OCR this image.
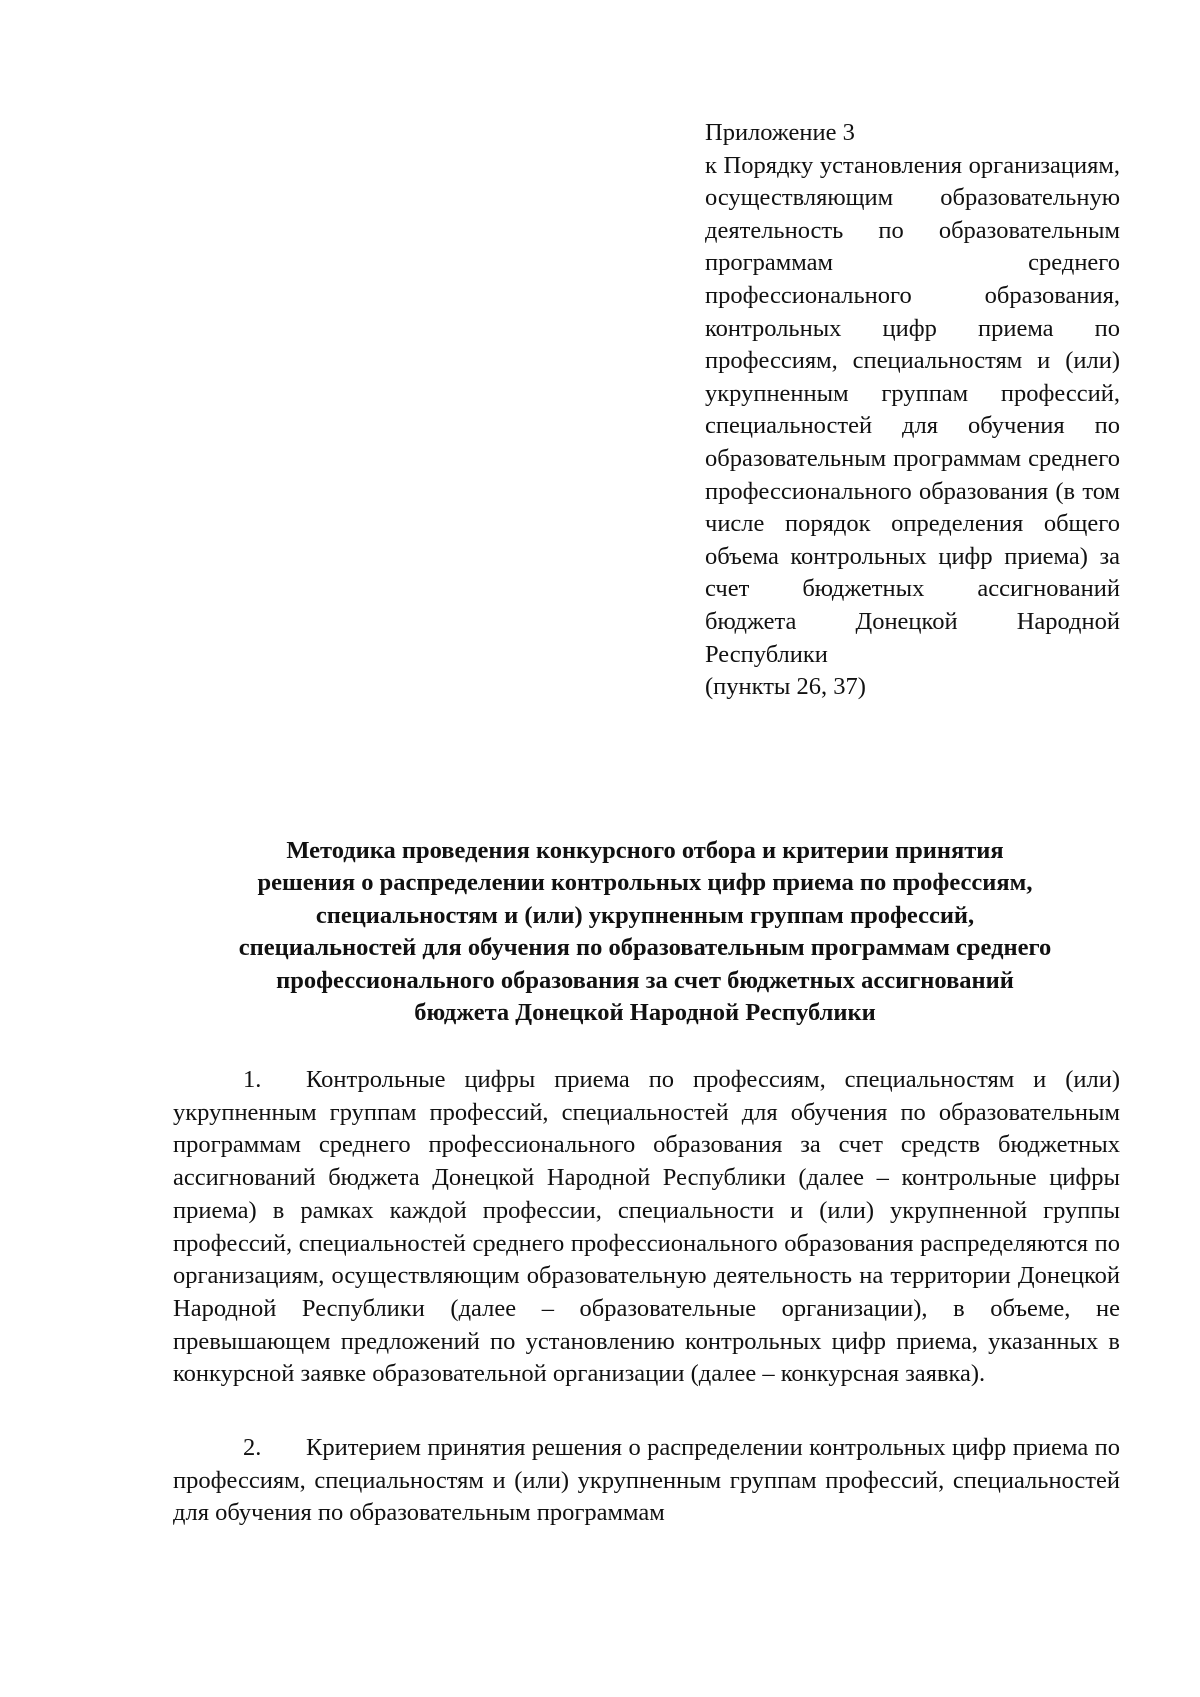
Приложение 3
к Порядку установления организациям, осуществляющим образовательную деятельность по образовательным программам среднего профессионального образования, контрольных цифр приема по профессиям, специальностям и (или) укрупненным группам профессий, специальностей для обучения по образовательным программам среднего профессионального образования (в том числе порядок определения общего объема контрольных цифр приема) за счет бюджетных ассигнований бюджета Донецкой Народной Республики
(пункты 26, 37)
Методика проведения конкурсного отбора и критерии принятия
решения о распределении контрольных цифр приема по профессиям,
специальностям и (или) укрупненным группам профессий,
специальностей для обучения по образовательным программам среднего
профессионального образования за счет бюджетных ассигнований
бюджета Донецкой Народной Республики

1. Контрольные цифры приема по профессиям, специальностям и (или) укрупненным группам профессий, специальностей для обучения по образовательным программам среднего профессионального образования за счет средств бюджетных ассигнований бюджета Донецкой Народной Республики (далее – контрольные цифры приема) в рамках каждой профессии, специальности и (или) укрупненной группы профессий, специальностей среднего профессионального образования распределяются по организациям, осуществляющим образовательную деятельность на территории Донецкой Народной Республики (далее – образовательные организации), в объеме, не превышающем предложений по установлению контрольных цифр приема, указанных в конкурсной заявке образовательной организации (далее – конкурсная заявка).

2. Критерием принятия решения о распределении контрольных цифр приема по профессиям, специальностям и (или) укрупненным группам профессий, специальностей для обучения по образовательным программам
